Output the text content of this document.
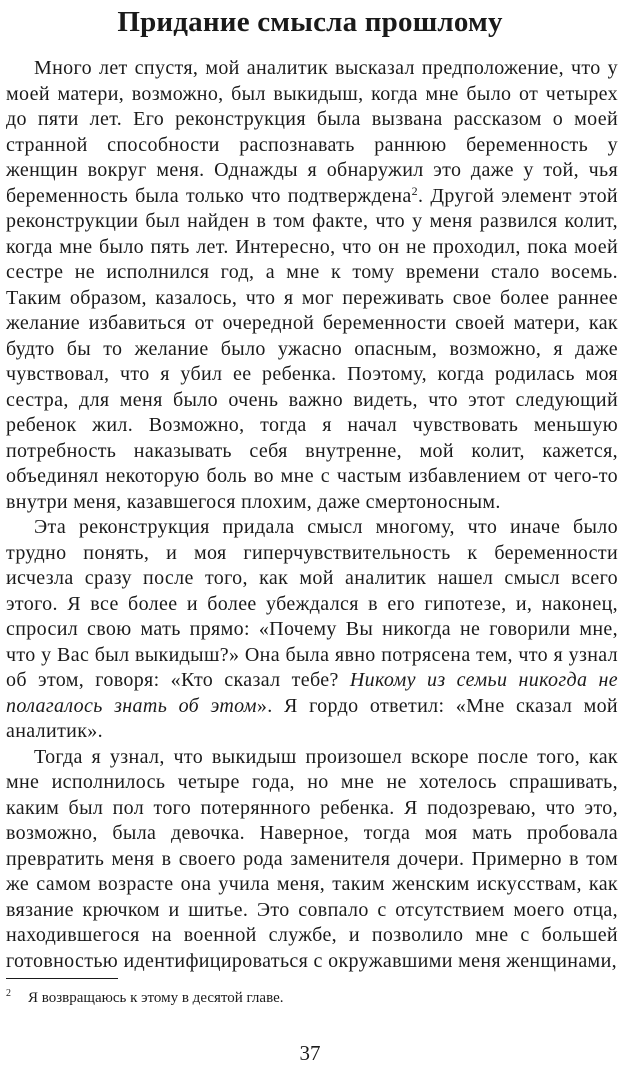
Придание смысла прошлому

Много лет спустя, мой аналитик высказал предположение, что у моей матери, возможно, был выкидыш, когда мне было от четырех до пяти лет. Его реконструкция была вызвана рассказом о моей странной способности распознавать раннюю беременность у женщин вокруг меня. Однажды я обнаружил это даже у той, чья беременность была только что подтверждена$^2$. Другой элемент этой реконструкции был найден в том факте, что у меня развился колит, когда мне было пять лет. Интересно, что он не проходил, пока моей сестре не исполнился год, а мне к тому времени стало восемь. Таким образом, казалось, что я мог переживать свое более раннее желание избавиться от очередной беременности своей матери, как будто бы то желание было ужасно опасным, возможно, я даже чувствовал, что я убил ее ребенка. Поэтому, когда родилась моя сестра, для меня было очень важно видеть, что этот следующий ребенок жил. Возможно, тогда я начал чувствовать меньшую потребность наказывать себя внутренне, мой колит, кажется, объединял некоторую боль во мне с частым избавлением от чего-то внутри меня, казавшегося плохим, даже смертоносным.

Эта реконструкция придала смысл многому, что иначе было трудно понять, и моя гиперчувствительность к беременности исчезла сразу после того, как мой аналитик нашел смысл всего этого. Я все более и более убеждался в его гипотезе, и, наконец, спросил свою мать прямо: «Почему Вы никогда не говорили мне, что у Вас был выкидыш?» Она была явно потрясена тем, что я узнал об этом, говоря: «Кто сказал тебе? Никому из семьи никогда не полагалось знать об этом». Я гордо ответил: «Мне сказал мой аналитик».

Тогда я узнал, что выкидыш произошел вскоре после того, как мне исполнилось четыре года, но мне не хотелось спрашивать, каким был пол того потерянного ребенка. Я подозреваю, что это, возможно, была девочка. Наверное, тогда моя мать пробовала превратить меня в своего рода заменителя дочери. Примерно в том же самом возрасте она учила меня, таким женским искусствам, как вязание крючком и шитье. Это совпало с отсутствием моего отца, находившегося на военной службе, и позволило мне с большей готовностью идентифицироваться с окружавшими меня женщинами,

2 Я возвращаюсь к этому в десятой главе.
37
